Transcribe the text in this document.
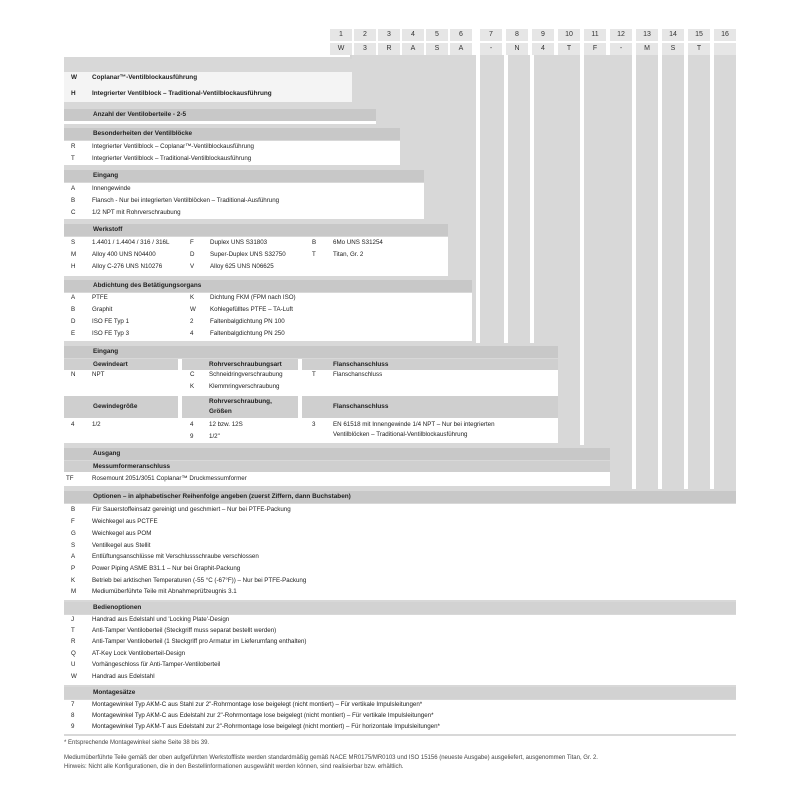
1	2	3	4	5	6	7	8	9	10	11	12	13	14	15	16
W	3	R	A	S	A	-	N	4	T	F	-	M	S	T
W Coplanar™-Ventilblockausführung
H	Integrierter Ventilblock – Traditional-Ventilblockausführung
Anzahl der Ventiloberteile - 2-5
Besonderheiten der Ventilblöcke
R	Integrierter Ventilblock – Coplanar™-Ventilblockausführung
T	Integrierter Ventilblock – Traditional-Ventilblockausführung
Eingang
A	Innengewinde
B	Flansch - Nur bei integrierten Ventilblöcken – Traditional-Ausführung
C	1/2 NPT mit Rohrverschraubung
Werkstoff
S	1.4401 / 1.4404 / 316 / 316L	F	Duplex UNS S31803	B	6Mo UNS S31254
M	Alloy 400 UNS N04400	D	Super-Duplex UNS S32750	T	Titan, Gr. 2
H	Alloy C-276 UNS N10276	V	Alloy 625 UNS N06625
Abdichtung des Betätigungsorgans
A	PTFE	K	Dichtung FKM (FPM nach ISO)
B	Graphit	W Kohlegefülltes PTFE – TA-Luft
D	ISO FE Typ 1	2	Faltenbalgdichtung PN 100
E	ISO FE Typ 3	4	Faltenbalgdichtung PN 250
Eingang
Gewindeart	Rohrverschraubungsart	Flanschanschluss
N	NPT	C Schneidringverschraubung	T	Flanschanschluss
K Klemmringverschraubung
Gewindegröße
Rohrverschraubung,
Größen
Flanschanschluss
4	1/2	4	12 bzw. 12S	3	EN 61518 mit Innengewinde 1/4 NPT – Nur bei integrierten
Ventilblöcken – Traditional-Ventilblockausführung
9	1/2"
Ausgang
Messumformeranschluss
TF	Rosemount 2051/3051 Coplanar™ Druckmessumformer
Optionen – in alphabetischer Reihenfolge angeben (zuerst Ziffern, dann Buchstaben)
B	Für Sauerstoffeinsatz gereinigt und geschmiert – Nur bei PTFE-Packung
F	Weichkegel aus PCTFE
G	Weichkegel aus POM
S	Ventilkegel aus Stellit
A	Entlüftungsanschlüsse mit Verschlussschraube verschlossen
P	Power Piping ASME B31.1 – Nur bei Graphit-Packung
K	Betrieb bei arktischen Temperaturen (-55 °C (-67°F)) – Nur bei PTFE-Packung
M	Mediumüberführte Teile mit Abnahmeprüfzeugnis 3.1
Bedienoptionen
J	Handrad aus Edelstahl und 'Locking Plate'-Design
T	Anti-Tamper Ventiloberteil (Steckgriff muss separat bestellt werden)
R	Anti-Tamper Ventiloberteil (1 Steckgriff pro Armatur im Lieferumfang enthalten)
Q	AT-Key Lock Ventiloberteil-Design
U	Vorhängeschloss für Anti-Tamper-Ventiloberteil
W Handrad aus Edelstahl
Montagesätze
7	Montagewinkel Typ AKM-C aus Stahl zur 2"-Rohrmontage lose beigelegt (nicht montiert) – Für vertikale Impulsleitungen*
8	Montagewinkel Typ AKM-C aus Edelstahl zur 2"-Rohrmontage lose beigelegt (nicht montiert) – Für vertikale Impulsleitungen*
9	Montagewinkel Typ AKM-T aus Edelstahl zur 2"-Rohrmontage lose beigelegt (nicht montiert) – Für horizontale Impulsleitungen*
* Entsprechende Montagewinkel siehe Seite 38 bis 39.
Mediumüberführte Teile gemäß der oben aufgeführten Werkstoffliste werden standardmäßig gemäß NACE MR0175/MR0103 und ISO 15156 (neueste Ausgabe) ausgeliefert, ausgenommen Titan, Gr. 2.
Hinweis: Nicht alle Konfigurationen, die in den Bestellinformationen ausgewählt werden können, sind realisierbar bzw. erhältlich.
